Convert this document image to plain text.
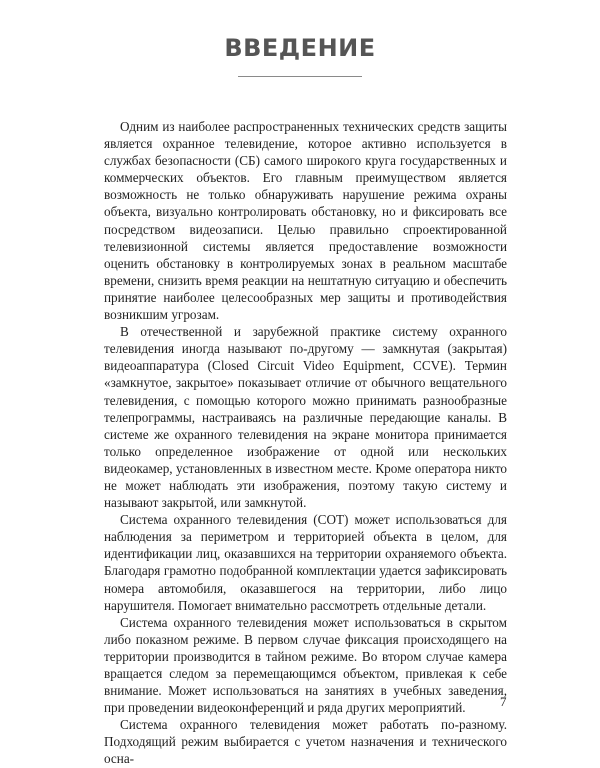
ВВЕДЕНИЕ

Одним из наиболее распространенных технических средств защиты является охранное телевидение, которое активно используется в службах безопасности (СБ) самого широкого круга государственных и коммерческих объектов. Его главным преимуществом является возможность не только обнаруживать нарушение режима охраны объекта, визуально контролировать обстановку, но и фиксировать все посредством видеозаписи. Целью правильно спроектированной телевизионной системы является предоставление возможности оценить обстановку в контролируемых зонах в реальном масштабе времени, снизить время реакции на нештатную ситуацию и обеспечить принятие наиболее целесообразных мер защиты и противодействия возникшим угрозам.

В отечественной и зарубежной практике систему охранного телевидения иногда называют по-другому — замкнутая (закрытая) видеоаппаратура (Closed Circuit Video Equipment, CCVE). Термин «замкнутое, закрытое» показывает отличие от обычного вещательного телевидения, с помощью которого можно принимать разнообразные телепрограммы, настраиваясь на различные передающие каналы. В системе же охранного телевидения на экране монитора принимается только определенное изображение от одной или нескольких видеокамер, установленных в известном месте. Кроме оператора никто не может наблюдать эти изображения, поэтому такую систему и называют закрытой, или замкнутой.

Система охранного телевидения (СОТ) может использоваться для наблюдения за периметром и территорией объекта в целом, для идентификации лиц, оказавшихся на территории охраняемого объекта. Благодаря грамотно подобранной комплектации удается зафиксировать номера автомобиля, оказавшегося на территории, либо лицо нарушителя. Помогает внимательно рассмотреть отдельные детали.

Система охранного телевидения может использоваться в скрытом либо показном режиме. В первом случае фиксация происходящего на территории производится в тайном режиме. Во втором случае камера вращается следом за перемещающимся объектом, привлекая к себе внимание. Может использоваться на занятиях в учебных заведения, при проведении видеоконференций и ряда других мероприятий.

Система охранного телевидения может работать по-разному. Подходящий режим выбирается с учетом назначения и технического осна-

7
